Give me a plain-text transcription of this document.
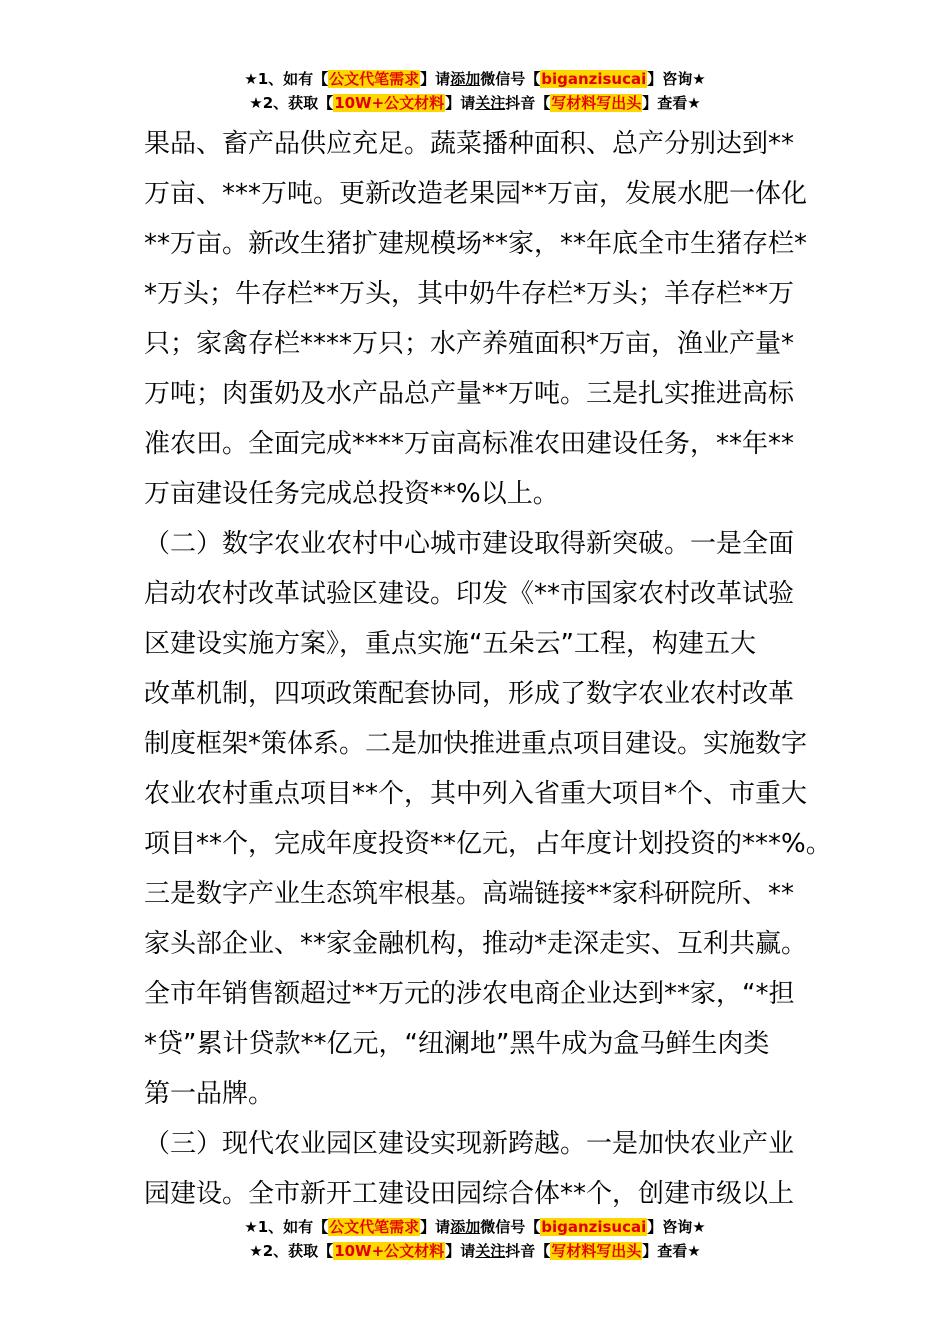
★1、如有【公文代笔需求】请添加微信号【biganzisucai】咨询★
★2、获取【10W+公文材料】请关注抖音【写材料写出头】查看★
果品、畜产品供应充足。蔬菜播种面积、总产分别达到**
万亩、***万吨。更新改造老果园**万亩，发展水肥一体化
**万亩。新改生猪扩建规模场**家，**年底全市生猪存栏*
*万头；牛存栏**万头，其中奶牛存栏*万头；羊存栏**万
只；家禽存栏****万只；水产养殖面积*万亩，渔业产量*
万吨；肉蛋奶及水产品总产量**万吨。三是扎实推进高标
准农田。全面完成****万亩高标准农田建设任务，**年**
万亩建设任务完成总投资**%以上。
（二）数字农业农村中心城市建设取得新突破。一是全面
启动农村改革试验区建设。印发《**市国家农村改革试验
区建设实施方案》，重点实施“五朵云”工程，构建五大
改革机制，四项政策配套协同，形成了数字农业农村改革
制度框架*策体系。二是加快推进重点项目建设。实施数字
农业农村重点项目**个，其中列入省重大项目*个、市重大
项目**个，完成年度投资**亿元，占年度计划投资的***%。
三是数字产业生态筑牢根基。高端链接**家科研院所、**
家头部企业、**家金融机构，推动*走深走实、互利共赢。
全市年销售额超过**万元的涉农电商企业达到**家，“*担
*贷”累计贷款**亿元，“纽澜地”黑牛成为盒马鲜生肉类
第一品牌。
（三）现代农业园区建设实现新跨越。一是加快农业产业
园建设。全市新开工建设田园综合体**个，创建市级以上
★1、如有【公文代笔需求】请添加微信号【biganzisucai】咨询★
★2、获取【10W+公文材料】请关注抖音【写材料写出头】查看★
